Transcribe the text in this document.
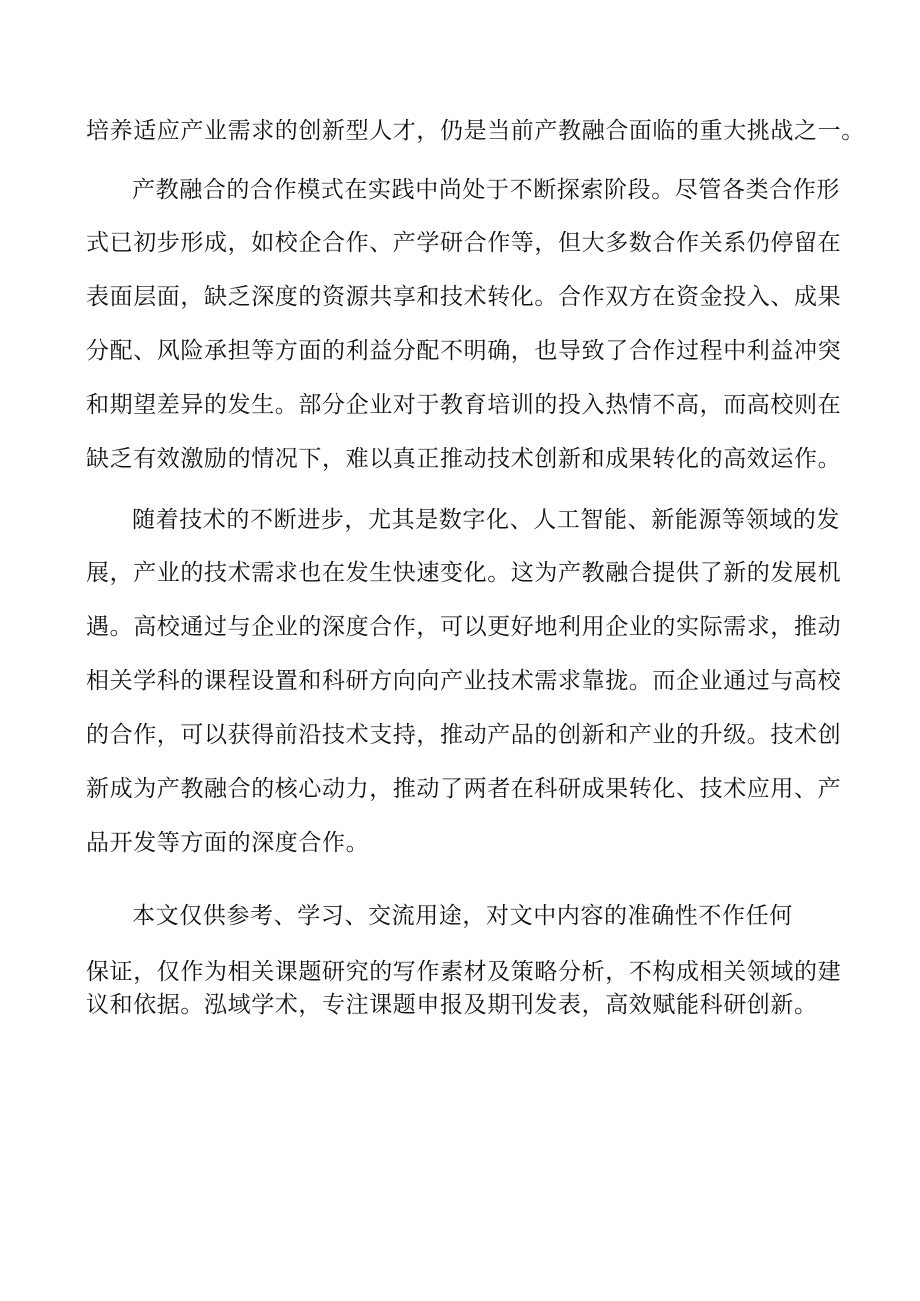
培养适应产业需求的创新型人才，仍是当前产教融合面临的重大挑战之一。
产教融合的合作模式在实践中尚处于不断探索阶段。尽管各类合作形
式已初步形成，如校企合作、产学研合作等，但大多数合作关系仍停留在
表面层面，缺乏深度的资源共享和技术转化。合作双方在资金投入、成果
分配、风险承担等方面的利益分配不明确，也导致了合作过程中利益冲突
和期望差异的发生。部分企业对于教育培训的投入热情不高，而高校则在
缺乏有效激励的情况下，难以真正推动技术创新和成果转化的高效运作。
随着技术的不断进步，尤其是数字化、人工智能、新能源等领域的发
展，产业的技术需求也在发生快速变化。这为产教融合提供了新的发展机
遇。高校通过与企业的深度合作，可以更好地利用企业的实际需求，推动
相关学科的课程设置和科研方向向产业技术需求靠拢。而企业通过与高校
的合作，可以获得前沿技术支持，推动产品的创新和产业的升级。技术创
新成为产教融合的核心动力，推动了两者在科研成果转化、技术应用、产
品开发等方面的深度合作。
本文仅供参考、学习、交流用途，对文中内容的准确性不作任何
保证，仅作为相关课题研究的写作素材及策略分析，不构成相关领域的建
议和依据。泓域学术，专注课题申报及期刊发表，高效赋能科研创新。
